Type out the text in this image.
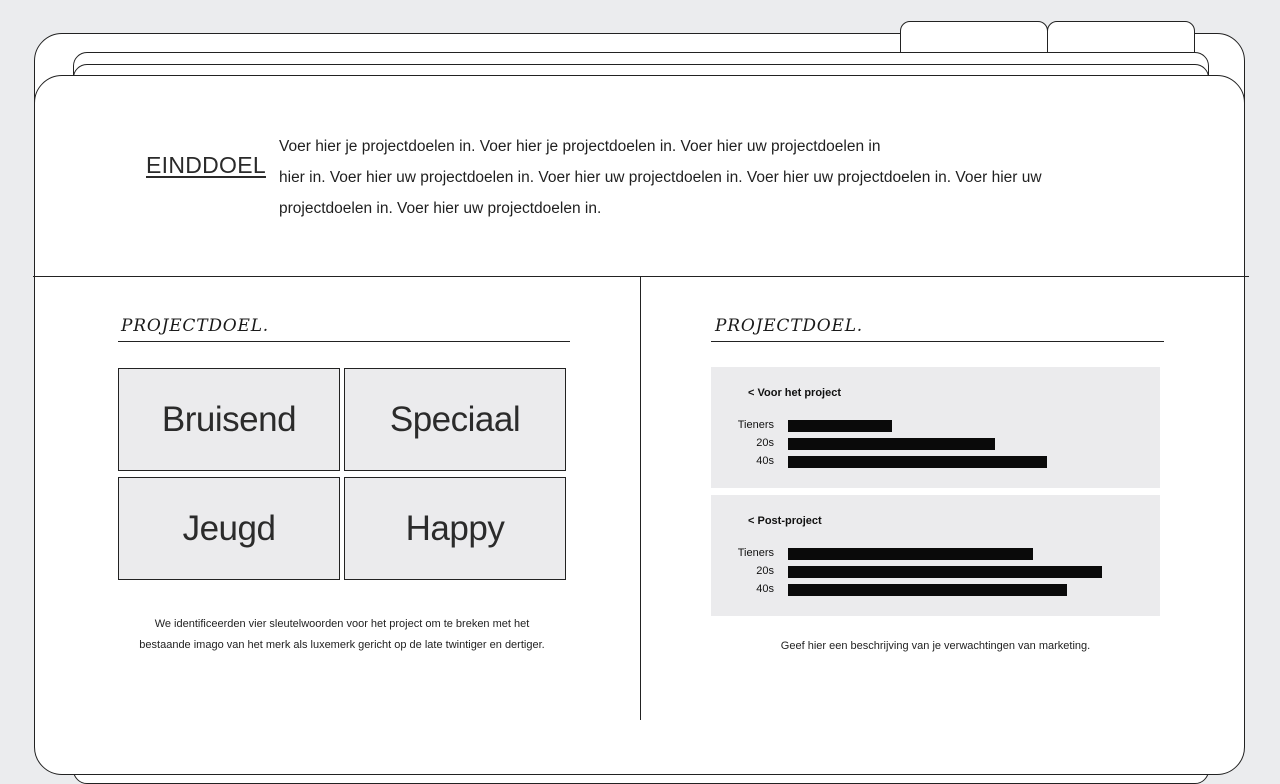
EINDDOEL
Voer hier je projectdoelen in. Voer hier je projectdoelen in. Voer hier uw projectdoelen in
hier in. Voer hier uw projectdoelen in. Voer hier uw projectdoelen in. Voer hier uw projectdoelen in. Voer hier uw
projectdoelen in. Voer hier uw projectdoelen in.
PROJECTDOEL.
Bruisend	Speciaal
Jeugd	Happy
We identificeerden vier sleutelwoorden voor het project om te breken met het
bestaande imago van het merk als luxemerk gericht op de late twintiger en dertiger.
PROJECTDOEL.
< Voor het project
Tieners
20s
40s
< Post-project
Tieners
20s
40s
Geef hier een beschrijving van je verwachtingen van marketing.
